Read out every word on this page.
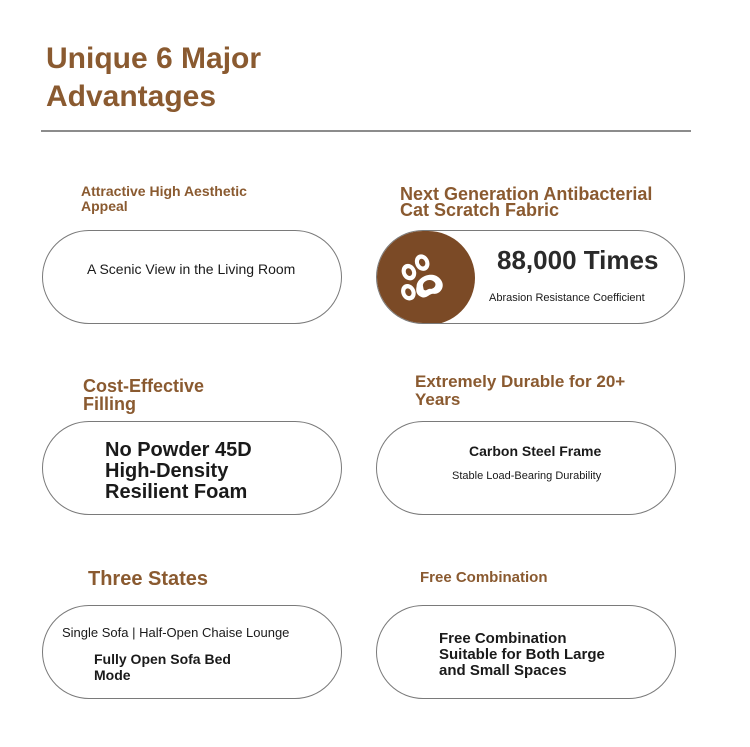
Unique 6 Major Advantages
Attractive High Aesthetic Appeal
A Scenic View in the Living Room
Next Generation Antibacterial Cat Scratch Fabric
88,000 Times
Abrasion Resistance Coefficient
Cost-Effective Filling
No Powder 45D High-Density Resilient Foam
Extremely Durable for 20+ Years
Carbon Steel Frame
Stable Load-Bearing Durability
Three States
Single Sofa | Half-Open Chaise Lounge
Fully Open Sofa Bed Mode
Free Combination
Free Combination Suitable for Both Large and Small Spaces
